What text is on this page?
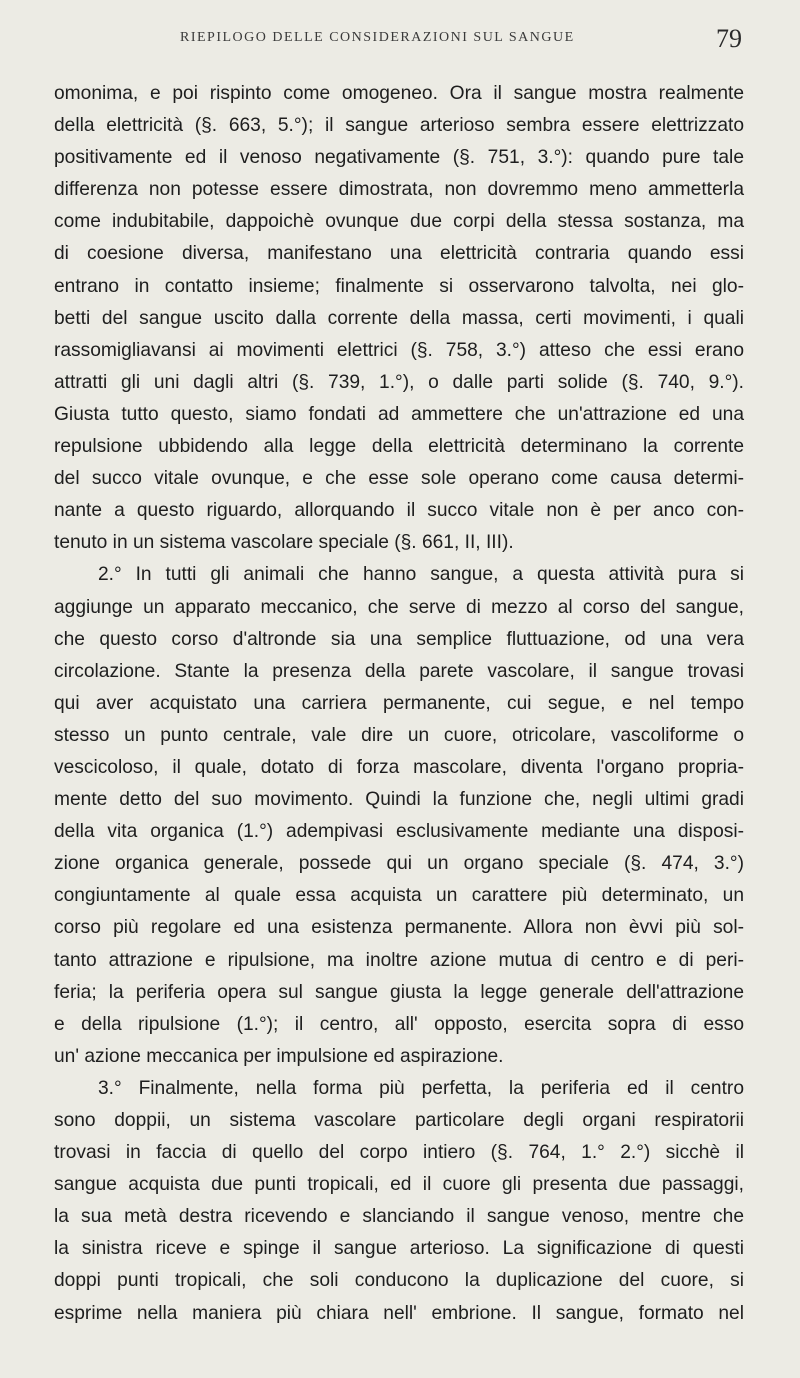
RIEPILOGO DELLE CONSIDERAZIONI SUL SANGUE	79
omonima, e poi rispinto come omogeneo. Ora il sangue mostra realmente
della elettricità (§. 663, 5.°); il sangue arterioso sembra essere elettrizzato
positivamente ed il venoso negativamente (§. 751, 3.°): quando pure tale
differenza non potesse essere dimostrata, non dovremmo meno ammetterla
come indubitabile, dappoichè ovunque due corpi della stessa sostanza, ma
di coesione diversa, manifestano una elettricità contraria quando essi
entrano in contatto insieme; finalmente si osservarono talvolta, nei glo-
betti del sangue uscito dalla corrente della massa, certi movimenti, i quali
rassomigliavansi ai movimenti elettrici (§. 758, 3.°) atteso che essi erano
attratti gli uni dagli altri (§. 739, 1.°), o dalle parti solide (§. 740, 9.°).
Giusta tutto questo, siamo fondati ad ammettere che un'attrazione ed una
repulsione ubbidendo alla legge della elettricità determinano la corrente
del succo vitale ovunque, e che esse sole operano come causa determi-
nante a questo riguardo, allorquando il succo vitale non è per anco con-
tenuto in un sistema vascolare speciale (§. 661, II, III).
2.° In tutti gli animali che hanno sangue, a questa attività pura si
aggiunge un apparato meccanico, che serve di mezzo al corso del sangue,
che questo corso d'altronde sia una semplice fluttuazione, od una vera
circolazione. Stante la presenza della parete vascolare, il sangue trovasi
qui aver acquistato una carriera permanente, cui segue, e nel tempo
stesso un punto centrale, vale dire un cuore, otricolare, vascoliforme o
vescicoloso, il quale, dotato di forza mascolare, diventa l'organo propria-
mente detto del suo movimento. Quindi la funzione che, negli ultimi gradi
della vita organica (1.°) adempivasi esclusivamente mediante una disposi-
zione organica generale, possede qui un organo speciale (§. 474, 3.°)
congiuntamente al quale essa acquista un carattere più determinato, un
corso più regolare ed una esistenza permanente. Allora non èvvi più sol-
tanto attrazione e ripulsione, ma inoltre azione mutua di centro e di peri-
feria; la periferia opera sul sangue giusta la legge generale dell'attrazione
e della ripulsione (1.°); il centro, all' opposto, esercita sopra di esso
un' azione meccanica per impulsione ed aspirazione.
3.° Finalmente, nella forma più perfetta, la periferia ed il centro
sono doppii, un sistema vascolare particolare degli organi respiratorii
trovasi in faccia di quello del corpo intiero (§. 764, 1.° 2.°) sicchè il
sangue acquista due punti tropicali, ed il cuore gli presenta due passaggi,
la sua metà destra ricevendo e slanciando il sangue venoso, mentre che
la sinistra riceve e spinge il sangue arterioso. La significazione di questi
doppi punti tropicali, che soli conducono la duplicazione del cuore, si
esprime nella maniera più chiara nell' embrione. Il sangue, formato nel
